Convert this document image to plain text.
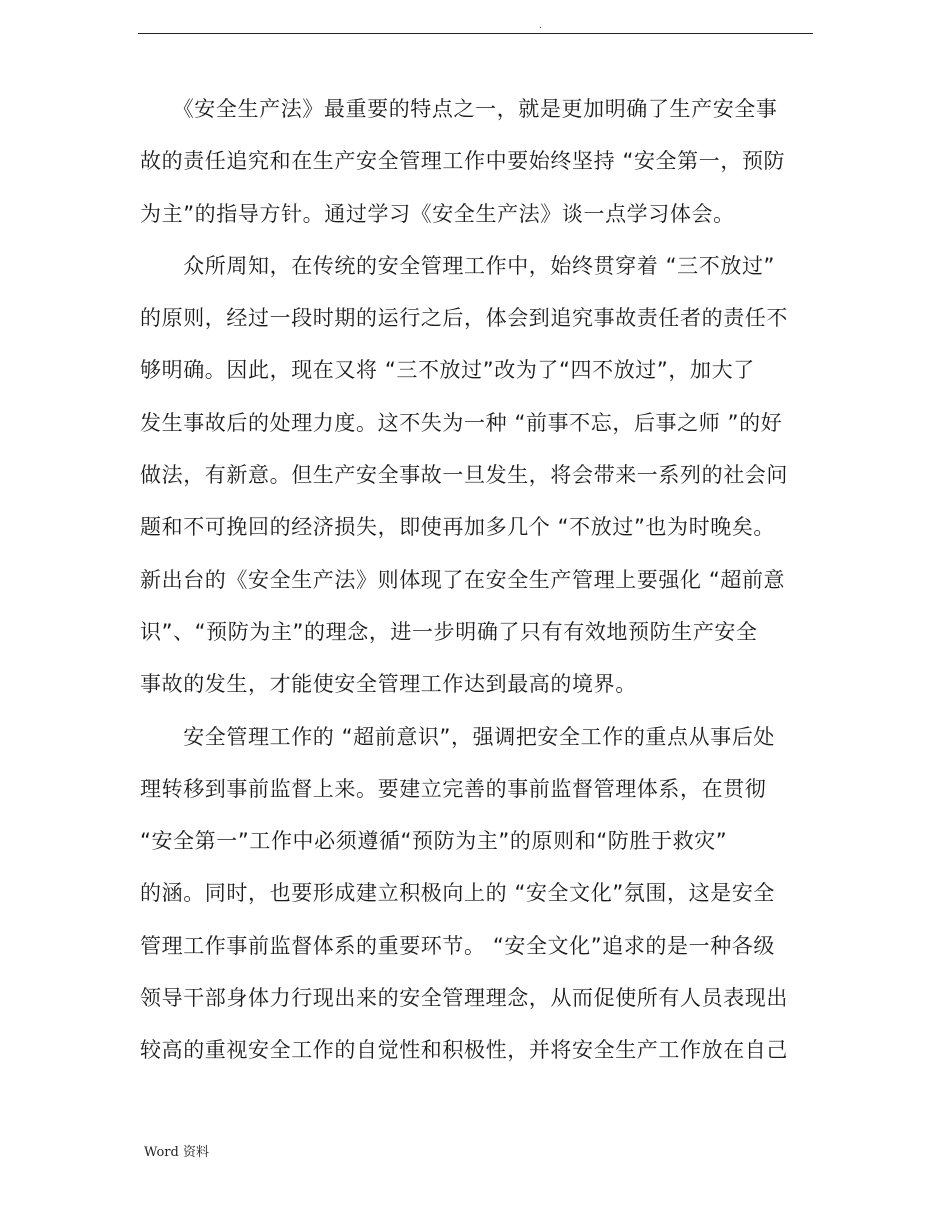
.
　　《安全生产法》最重要的特点之一，就是更加明确了生产安全事
故的责任追究和在生产安全管理工作中要始终坚持 “安全第一，预防
为主”的指导方针。通过学习《安全生产法》谈一点学习体会。
　　众所周知，在传统的安全管理工作中，始终贯穿着 “三不放过”
的原则，经过一段时期的运行之后，体会到追究事故责任者的责任不
够明确。因此，现在又将 “三不放过”改为了“四不放过”，加大了
发生事故后的处理力度。这不失为一种 “前事不忘，后事之师 ”的好
做法，有新意。但生产安全事故一旦发生，将会带来一系列的社会问
题和不可挽回的经济损失，即使再加多几个 “不放过”也为时晚矣。
新出台的《安全生产法》则体现了在安全生产管理上要强化 “超前意
识”、“预防为主”的理念，进一步明确了只有有效地预防生产安全
事故的发生，才能使安全管理工作达到最高的境界。
　　安全管理工作的 “超前意识”，强调把安全工作的重点从事后处
理转移到事前监督上来。要建立完善的事前监督管理体系，在贯彻
“安全第一”工作中必须遵循“预防为主”的原则和“防胜于救灾”
的涵。同时，也要形成建立积极向上的 “安全文化”氛围，这是安全
管理工作事前监督体系的重要环节。 “安全文化”追求的是一种各级
领导干部身体力行现出来的安全管理理念，从而促使所有人员表现出
较高的重视安全工作的自觉性和积极性，并将安全生产工作放在自己
Word 资料
